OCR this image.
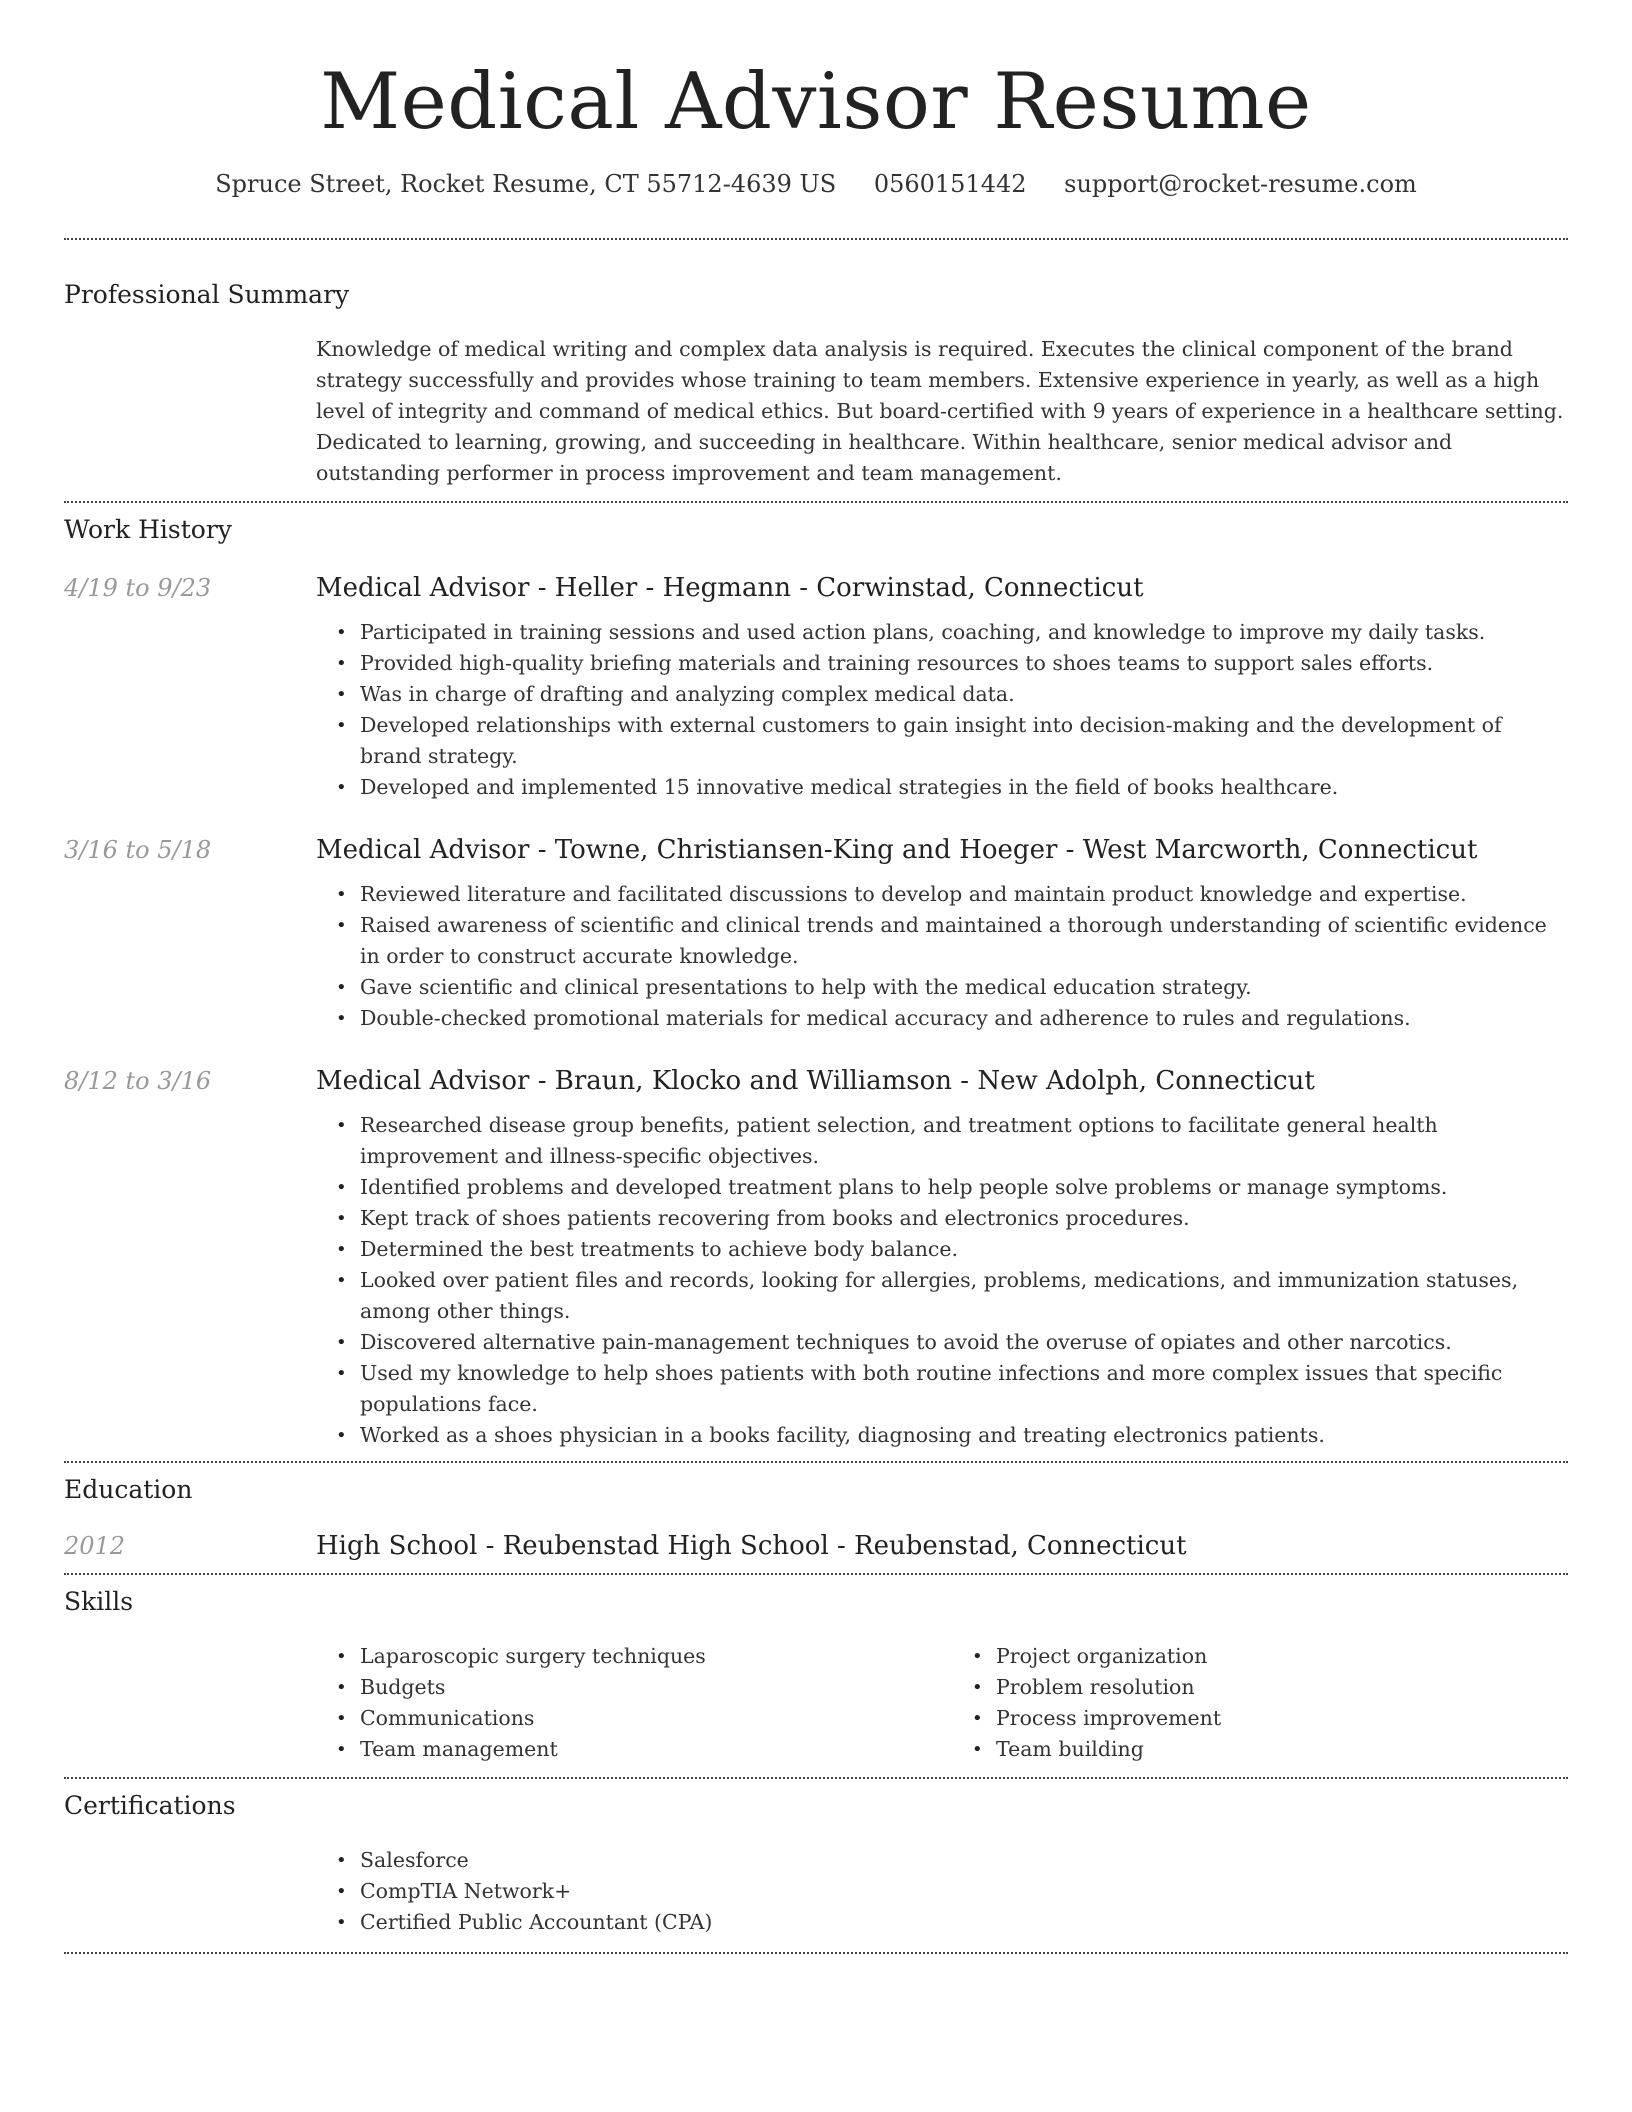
Medical Advisor Resume
Spruce Street, Rocket Resume, CT 55712-4639 US 0560151442 support@rocket-resume.com
Professional Summary

Knowledge of medical writing and complex data analysis is required. Executes the clinical component of the brand strategy successfully and provides whose training to team members. Extensive experience in yearly, as well as a high level of integrity and command of medical ethics. But board-certified with 9 years of experience in a healthcare setting. Dedicated to learning, growing, and succeeding in healthcare. Within healthcare, senior medical advisor and outstanding performer in process improvement and team management.

Work History
4/19 to 9/23	Medical Advisor - Heller - Hegmann - Corwinstad, Connecticut
• Participated in training sessions and used action plans, coaching, and knowledge to improve my daily tasks.
• Provided high-quality briefing materials and training resources to shoes teams to support sales efforts.
• Was in charge of drafting and analyzing complex medical data.
• Developed relationships with external customers to gain insight into decision-making and the development of brand strategy.
• Developed and implemented 15 innovative medical strategies in the field of books healthcare.
3/16 to 5/18	Medical Advisor - Towne, Christiansen-King and Hoeger - West Marcworth, Connecticut
• Reviewed literature and facilitated discussions to develop and maintain product knowledge and expertise.
• Raised awareness of scientific and clinical trends and maintained a thorough understanding of scientific evidence in order to construct accurate knowledge.
• Gave scientific and clinical presentations to help with the medical education strategy.
• Double-checked promotional materials for medical accuracy and adherence to rules and regulations.
8/12 to 3/16	Medical Advisor - Braun, Klocko and Williamson - New Adolph, Connecticut
• Researched disease group benefits, patient selection, and treatment options to facilitate general health improvement and illness-specific objectives.
• Identified problems and developed treatment plans to help people solve problems or manage symptoms.
• Kept track of shoes patients recovering from books and electronics procedures.
• Determined the best treatments to achieve body balance.
• Looked over patient files and records, looking for allergies, problems, medications, and immunization statuses, among other things.
• Discovered alternative pain-management techniques to avoid the overuse of opiates and other narcotics.
• Used my knowledge to help shoes patients with both routine infections and more complex issues that specific populations face.
• Worked as a shoes physician in a books facility, diagnosing and treating electronics patients.
Education
2012	High School - Reubenstad High School - Reubenstad, Connecticut
Skills
• Laparoscopic surgery techniques
• Budgets
• Communications
• Team management
• Project organization
• Problem resolution
• Process improvement
• Team building
Certifications
• Salesforce
• CompTIA Network+
• Certified Public Accountant (CPA)
